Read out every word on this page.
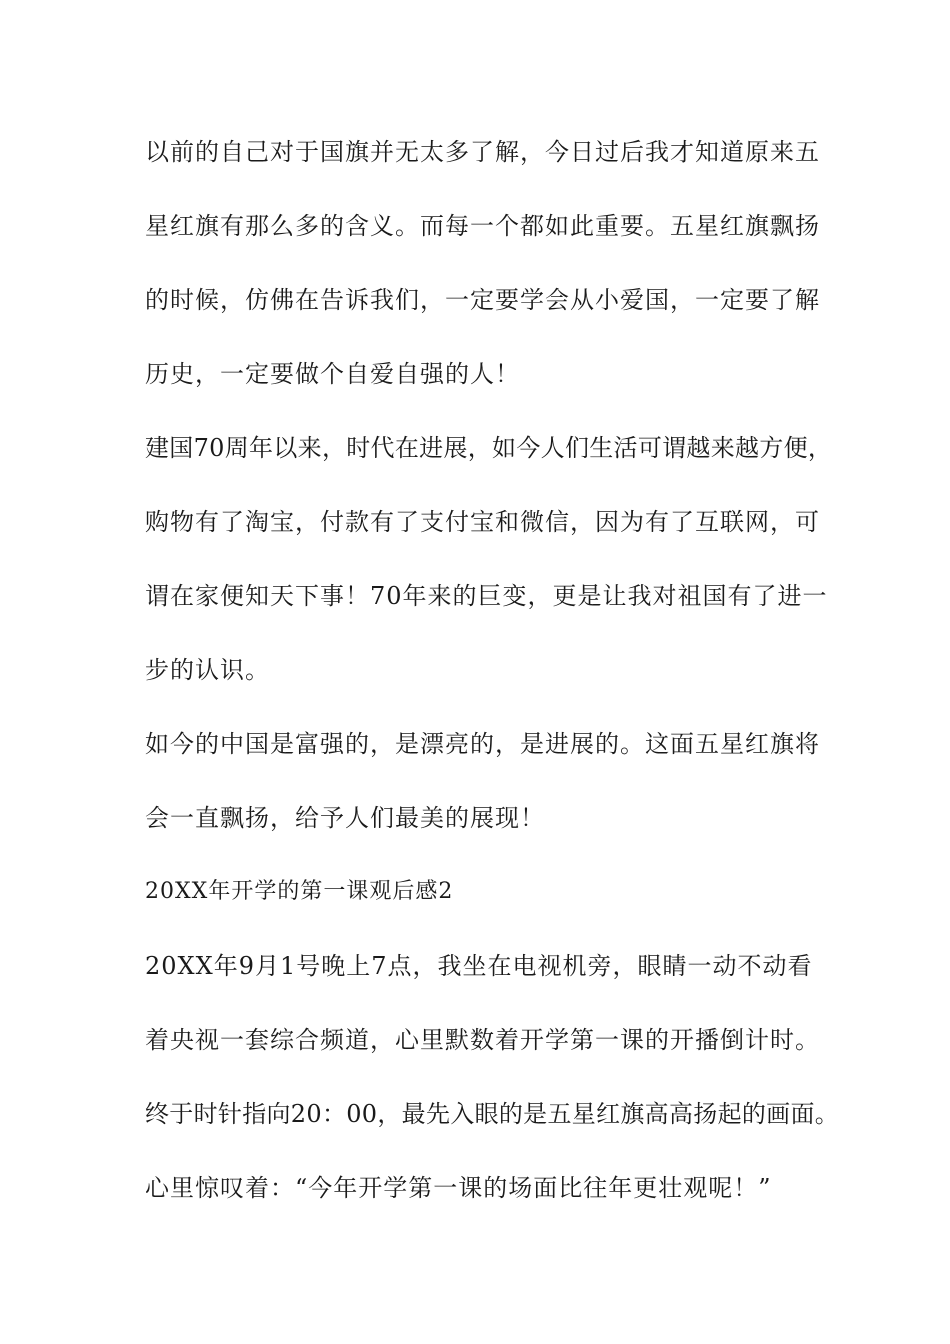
以前的自己对于国旗并无太多了解，今日过后我才知道原来五
星红旗有那么多的含义。而每一个都如此重要。五星红旗飘扬
的时候，仿佛在告诉我们，一定要学会从小爱国，一定要了解
历史，一定要做个自爱自强的人！
建国70周年以来，时代在进展，如今人们生活可谓越来越方便，
购物有了淘宝，付款有了支付宝和微信，因为有了互联网，可
谓在家便知天下事！70年来的巨变，更是让我对祖国有了进一
步的认识。
如今的中国是富强的，是漂亮的，是进展的。这面五星红旗将
会一直飘扬，给予人们最美的展现！
20XX年开学的第一课观后感2
20XX年9月1号晚上7点，我坐在电视机旁，眼睛一动不动看
着央视一套综合频道，心里默数着开学第一课的开播倒计时。
终于时针指向20：00，最先入眼的是五星红旗高高扬起的画面。
心里惊叹着：“今年开学第一课的场面比往年更壮观呢！”
